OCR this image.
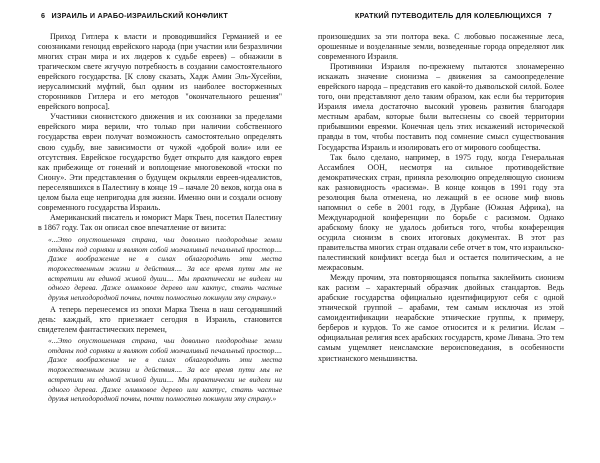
6 ИЗРАИЛЬ И АРАБО-ИЗРАИЛЬСКИЙ КОНФЛИКТ

Приход Гитлера к власти и проводившийся Германией и ее союзниками геноцид еврейского народа (при участии или безразличии многих стран мира и их лидеров к судьбе евреев) – обнажили в трагическом свете жгучую потребность в создании самостоятельного еврейского государства. [К слову сказать, Хадж Амин Эль-Хусейни, иерусалимский муфтий, был одним из наиболее восторженных сторонников Гитлера и его методов "окончательного решения" еврейского вопроса].

Участники сионистского движения и их союзники за пределами еврейского мира верили, что только при наличии собственного государства евреи получат возможность самостоятельно определять свою судьбу, вне зависимости от чужой «доброй воли» или ее отсутствия. Еврейское государство будет открыто для каждого еврея как прибежище от гонений и воплощение многовековой «тоски по Сиону». Эти представления о будущем окрыляли евреев-идеалистов, переселявшихся в Палестину в конце 19 – начале 20 веков, когда она в целом была еще непригодна для жизни. Именно они и создали основу современного государства Израиль.

Американский писатель и юморист Марк Твен, посетил Палестину в 1867 году. Так он описал свое впечатление от визита:

«...Это опустошенная страна, чьи довольно плодородные земли отданы под сорняки и являют собой молчаливый печальный простор.... Даже воображение не в силах облагородить эти места торжественным жизни и действия.... За все время пути мы не встретили ни единой живой души.... Мы практически не видели ни одного дерева. Даже оливковое дерево или кактус, стать частые друзья неплодородной почвы, почти полностью покинули эту страну.»

А теперь перенесемся из эпохи Марка Твена в наш сегодняшний день: каждый, кто приезжает сегодня в Израиль, становится свидетелем фантастических перемен,

«...Это опустошенная страна, чьи довольно плодородные земли отданы под сорняки и являют собой молчаливый печальный простор.... Даже воображение не в силах облагородить эти места торжественным жизни и действия.... За все время пути мы не встретили ни единой живой души.... Мы практически не видели ни одного дерева. Даже оливковое дерево или кактус, стать частые друзья неплодородной почвы, почти полностью покинули эту страну.»
КРАТКИЙ ПУТЕВОДИТЕЛЬ ДЛЯ КОЛЕБЛЮЩИХСЯ 7

произошедших за эти полтора века. С любовью посаженные леса, орошенные и возделанные земли, возведенные города определяют лик современного Израиля.

Противники Израиля по-прежнему пытаются злонамеренно искажать значение сионизма – движения за самоопределение еврейского народа – представив его какой-то дьявольской силой. Более того, они представляют дело таким образом, как если бы территория Израиля имела достаточно высокий уровень развития благодаря местным арабам, которые были вытеснены со своей территории прибывшими евреями. Конечная цель этих искажений исторической правды в том, чтобы поставить под сомнение смысл существования Государства Израиль и изолировать его от мирового сообщества.

Так было сделано, например, в 1975 году, когда Генеральная Ассамблея ООН, несмотря на сильное противодействие демократических стран, приняла резолюцию определяющую сионизм как разновидность «расизма». В конце концов в 1991 году эта резолюция была отменена, но лежащий в ее основе миф вновь напомнил о себе в 2001 году, в Дурбане (Южная Африка), на Международной конференции по борьбе с расизмом. Однако арабскому блоку не удалось добиться того, чтобы конференция осудила сионизм в своих итоговых документах. В этот раз правительства многих стран отдавали себе отчет в том, что израильско-палестинский конфликт всегда был и остается политическим, а не межрасовым.

Между прочим, эта повторяющаяся попытка заклеймить сионизм как расизм – характерный образчик двойных стандартов. Ведь арабские государства официально идентифицируют себя с одной этнической группой – арабами, тем самым исключая из этой самоидентификации неарабские этнические группы, к примеру, берберов и курдов. То же самое относится и к религии. Ислам – официальная религия всех арабских государств, кроме Ливана. Это тем самым ущемляет неисламские вероисповедания, в особенности христианского меньшинства.
